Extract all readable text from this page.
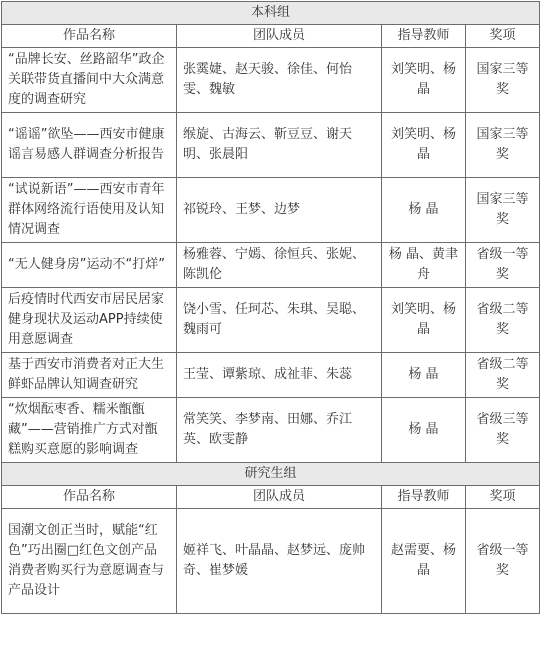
本科组			
作品名称	团队成员	指导教师	奖项
“品牌长安、丝路韶华”政企关联带货直播间中大众满意度的调查研究	张霙婕、赵天骏、徐佳、何怡雯、魏敏	刘笑明、杨晶	国家三等奖
“谣谣”欲坠——西安市健康谣言易感人群调查分析报告	缑旋、古海云、靳豆豆、谢天明、张晨阳	刘笑明、杨晶	国家三等奖
“试说新语”——西安市青年群体网络流行语使用及认知情况调查	祁锐玲、王梦、边梦	杨 晶	国家三等奖
“无人健身房”运动不“打烊”	杨雅蓉、宁嫣、徐恒兵、张妮、陈凯伦	杨 晶、黄聿舟	省级一等奖
后疫情时代西安市居民居家健身现状及运动APP持续使用意愿调查	饶小雪、任珂芯、朱琪、吴聪、魏雨可	刘笑明、杨晶	省级二等奖
基于西安市消费者对正大生鲜虾品牌认知调查研究	王莹、谭紫琼、成祉菲、朱蕊	杨 晶	省级二等奖
“炊烟酝枣香、糯米甑甑藏”——营销推广方式对甑糕购买意愿的影响调查	常笑笑、李梦南、田娜、乔江英、欧雯静	杨 晶	省级三等奖
研究生组			
作品名称	团队成员	指导教师	奖项
国潮文创正当时，赋能“红色”巧出圈□红色文创产品消费者购买行为意愿调查与产品设计	姬祥飞、叶晶晶、赵梦远、庞帅奇、崔梦媛	赵需要、杨晶	省级一等奖
